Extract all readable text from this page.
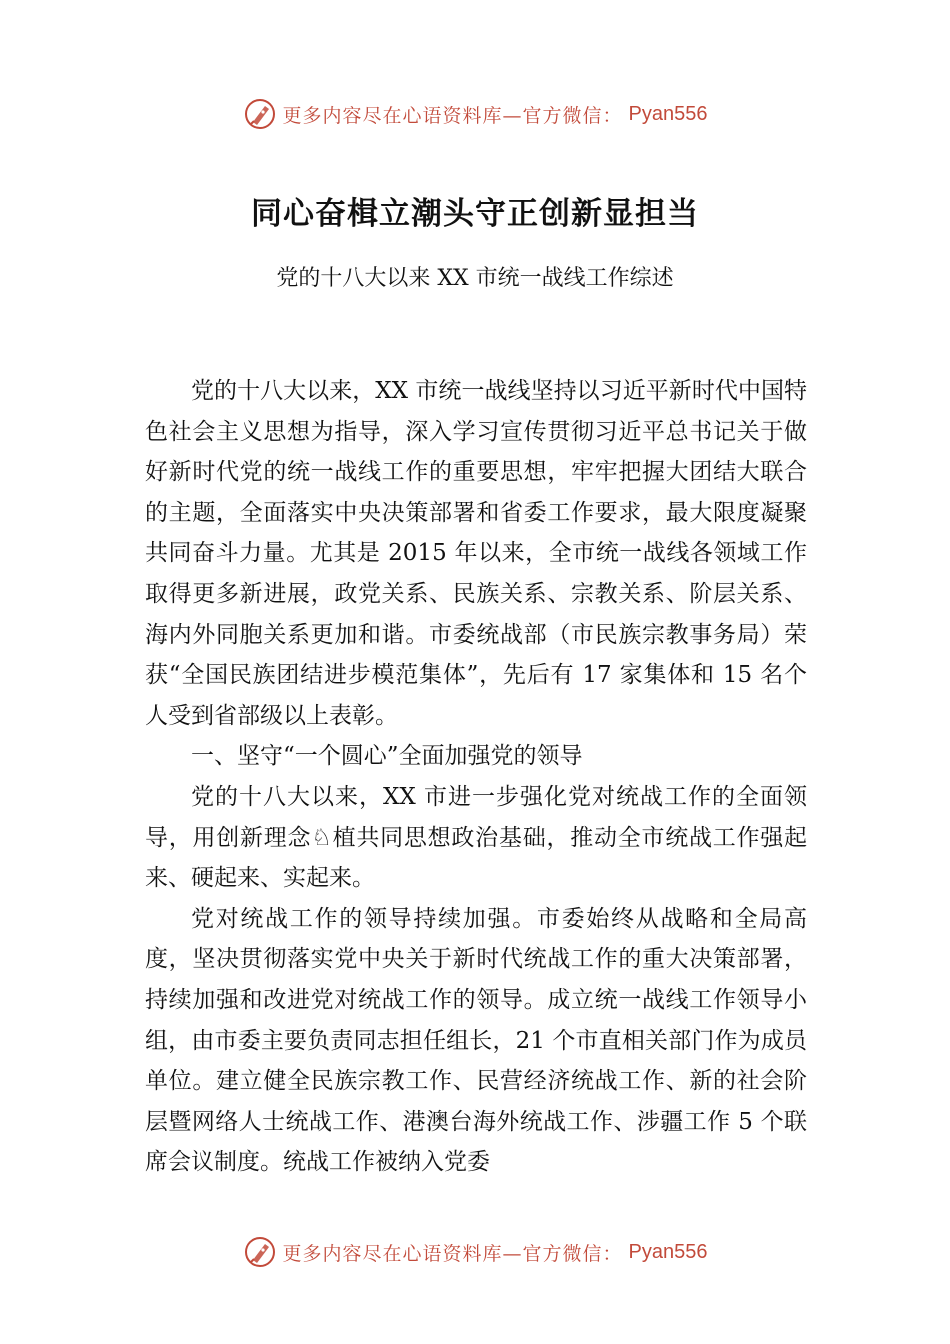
更多内容尽在心语资料库—官方微信： Pyan556
同心奋楫立潮头守正创新显担当
党的十八大以来 XX 市统一战线工作综述

党的十八大以来，XX 市统一战线坚持以习近平新时代中国特色社会主义思想为指导，深入学习宣传贯彻习近平总书记关于做好新时代党的统一战线工作的重要思想，牢牢把握大团结大联合的主题，全面落实中央决策部署和省委工作要求，最大限度凝聚共同奋斗力量。尤其是 2015 年以来，全市统一战线各领域工作取得更多新进展，政党关系、民族关系、宗教关系、阶层关系、海内外同胞关系更加和谐。市委统战部（市民族宗教事务局）荣获“全国民族团结进步模范集体”，先后有 17 家集体和 15 名个人受到省部级以上表彰。

一、坚守“一个圆心”全面加强党的领导

党的十八大以来，XX 市进一步强化党对统战工作的全面领导，用创新理念♘植共同思想政治基础，推动全市统战工作强起来、硬起来、实起来。

党对统战工作的领导持续加强。市委始终从战略和全局高度，坚决贯彻落实党中央关于新时代统战工作的重大决策部署，持续加强和改进党对统战工作的领导。成立统一战线工作领导小组，由市委主要负责同志担任组长，21 个市直相关部门作为成员单位。建立健全民族宗教工作、民营经济统战工作、新的社会阶层暨网络人士统战工作、港澳台海外统战工作、涉疆工作 5 个联席会议制度。统战工作被纳入党委

更多内容尽在心语资料库—官方微信： Pyan556
